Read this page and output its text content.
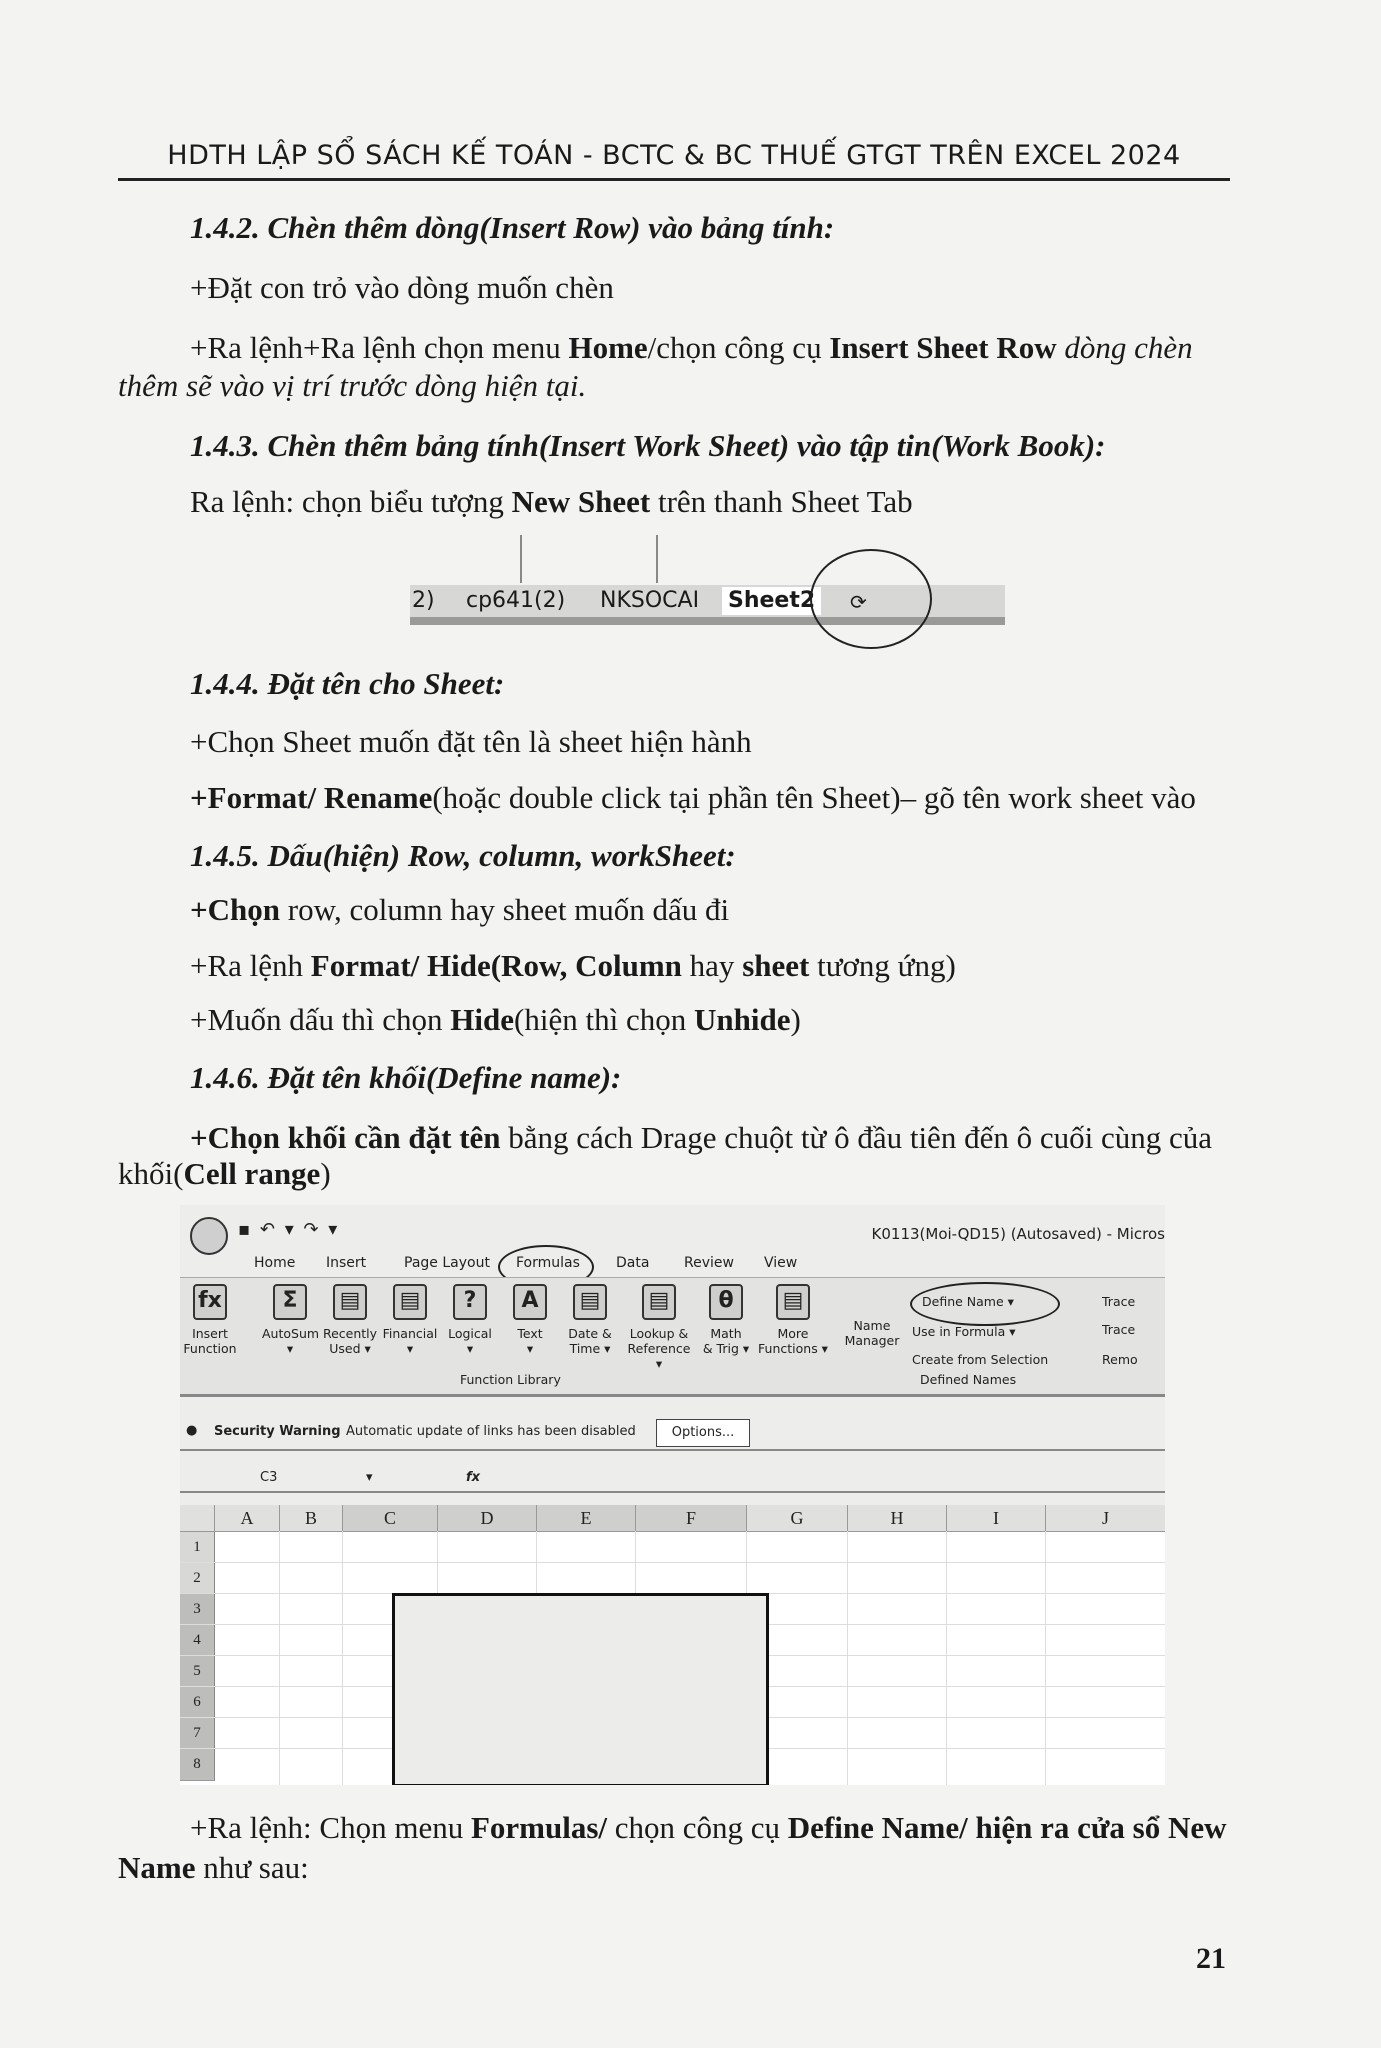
HDTH LẬP SỔ SÁCH KẾ TOÁN - BCTC & BC THUẾ GTGT TRÊN EXCEL 2024
1.4.2. Chèn thêm dòng(Insert Row) vào bảng tính:
+Đặt con trỏ vào dòng muốn chèn
+Ra lệnh+Ra lệnh chọn menu Home/chọn công cụ Insert Sheet Row dòng chèn
thêm sẽ vào vị trí trước dòng hiện tại.
1.4.3. Chèn thêm bảng tính(Insert Work Sheet) vào tập tin(Work Book):
Ra lệnh: chọn biểu tượng New Sheet trên thanh Sheet Tab
2) cp641(2) NKSOCAI Sheet2	⟳
1.4.4. Đặt tên cho Sheet:
+Chọn Sheet muốn đặt tên là sheet hiện hành
+Format/ Rename(hoặc double click tại phần tên Sheet)– gõ tên work sheet vào
1.4.5. Dấu(hiện) Row, column, workSheet:
+Chọn row, column hay sheet muốn dấu đi
+Ra lệnh Format/ Hide(Row, Column hay sheet tương ứng)
+Muốn dấu thì chọn Hide(hiện thì chọn Unhide)
1.4.6. Đặt tên khối(Define name):
+Chọn khối cần đặt tên bằng cách Drage chuột từ ô đầu tiên đến ô cuối cùng của
khối(Cell range)
▪ ↶ ▾ ↷ ▾	K0113(Moi-QD15) (Autosaved) - Micros
Home Insert	Page Layout Formulas	Data Review View
fx
Insert
Function
Σ
AutoSum
▾
▤
Recently
Used ▾
▤
Financial
▾
?
Logical
▾
A
Text
▾
▤
Date &
Time ▾
▤
Lookup &
Reference ▾
θ
Math
& Trig ▾
▤
More
Functions ▾
Function Library
Name
Manager
Define Name ▾
Use in Formula ▾
Create from Selection
Defined Names
Trace
Trace
Remo
● Security Warning Automatic update of links has been disabled	Options...
C3	▾	fx
A	B	C	D	E	F	G	H	I	J
1
2
3
4
5
6
7
8
+Ra lệnh: Chọn menu Formulas/ chọn công cụ Define Name/ hiện ra cửa sổ New
Name như sau:
21
